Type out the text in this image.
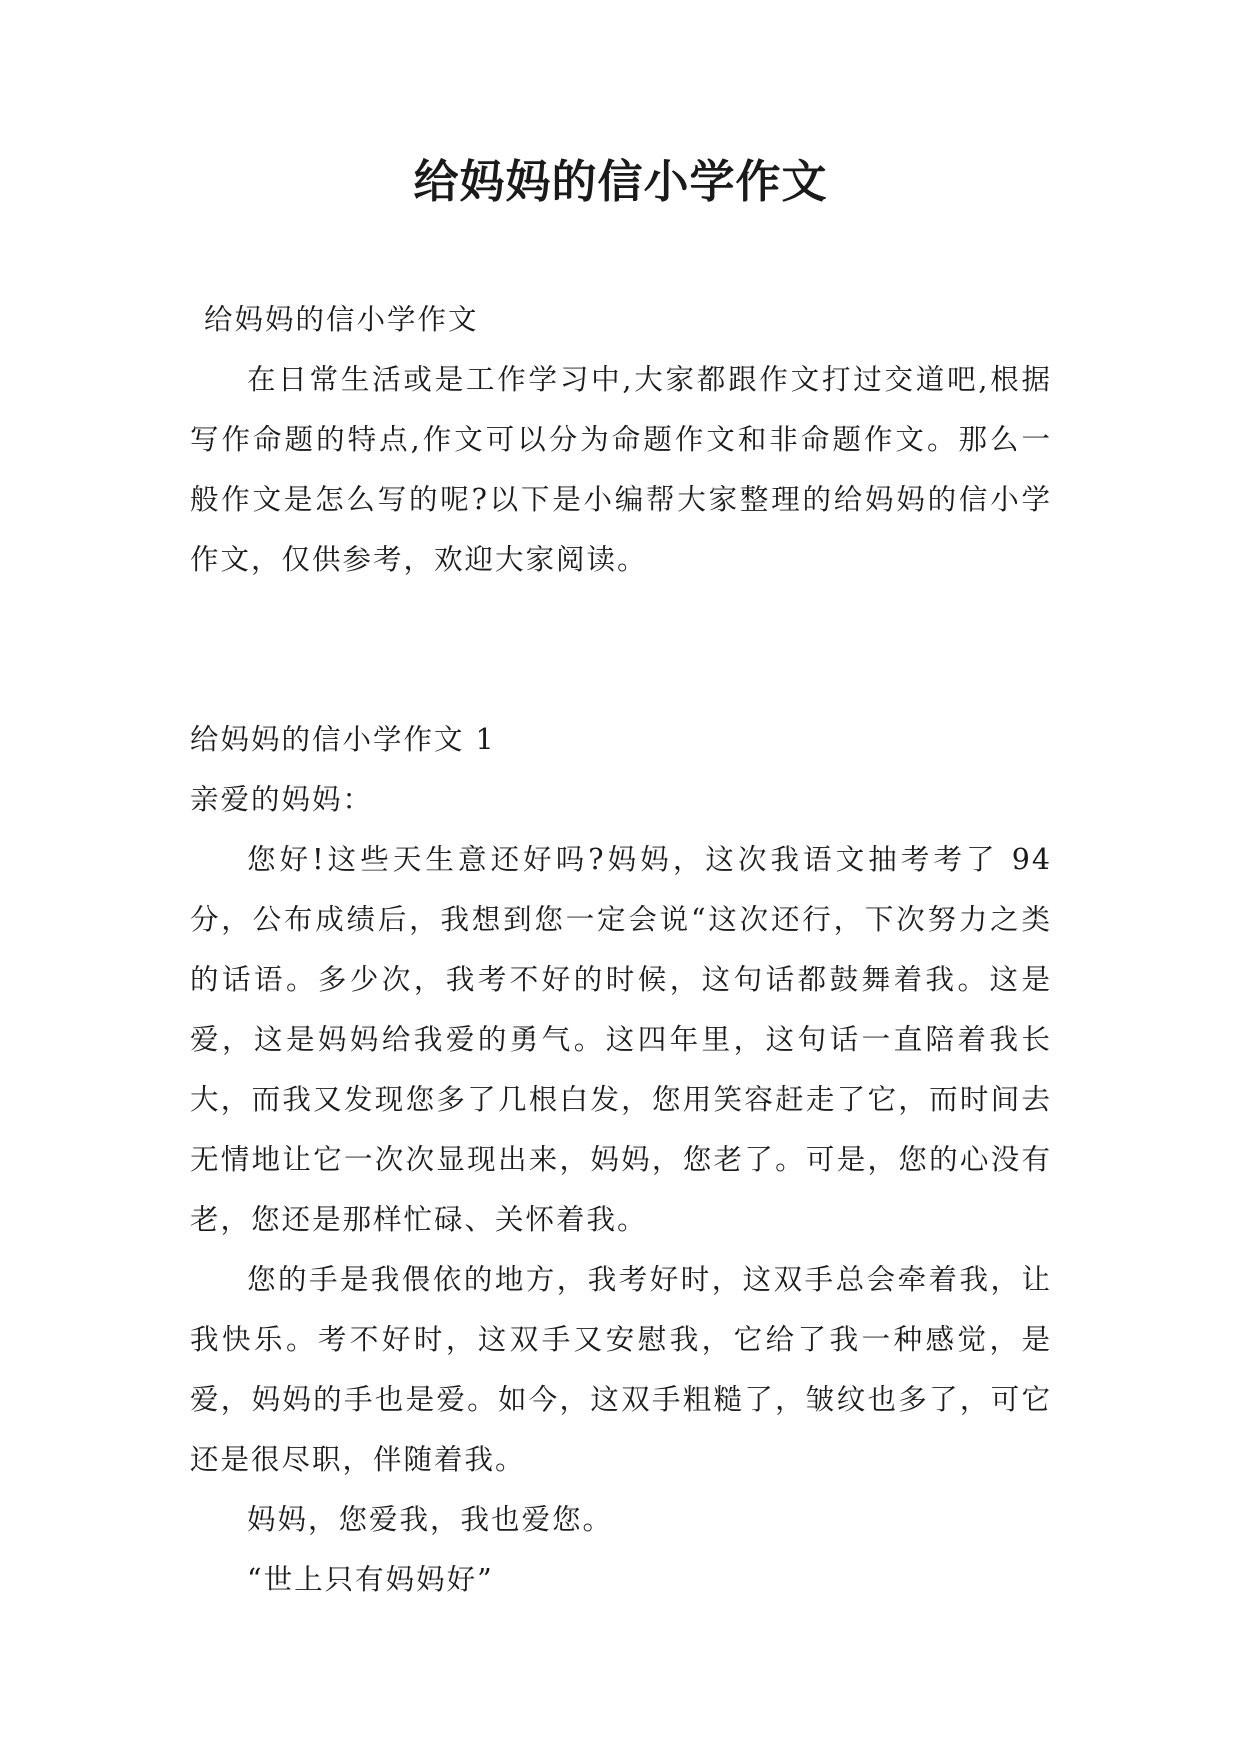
给妈妈的信小学作文

给妈妈的信小学作文

在日常生活或是工作学习中,大家都跟作文打过交道吧,根据写作命题的特点,作文可以分为命题作文和非命题作文。那么一般作文是怎么写的呢?以下是小编帮大家整理的给妈妈的信小学作文，仅供参考，欢迎大家阅读。

给妈妈的信小学作文 1

亲爱的妈妈：

您好!这些天生意还好吗?妈妈，这次我语文抽考考了 94 分，公布成绩后，我想到您一定会说“这次还行，下次努力之类的话语。多少次，我考不好的时候，这句话都鼓舞着我。这是爱，这是妈妈给我爱的勇气。这四年里，这句话一直陪着我长大，而我又发现您多了几根白发，您用笑容赶走了它，而时间去无情地让它一次次显现出来，妈妈，您老了。可是，您的心没有老，您还是那样忙碌、关怀着我。

您的手是我偎依的地方，我考好时，这双手总会牵着我，让我快乐。考不好时，这双手又安慰我，它给了我一种感觉，是爱，妈妈的手也是爱。如今，这双手粗糙了，皱纹也多了，可它还是很尽职，伴随着我。

妈妈，您爱我，我也爱您。

“世上只有妈妈好”
